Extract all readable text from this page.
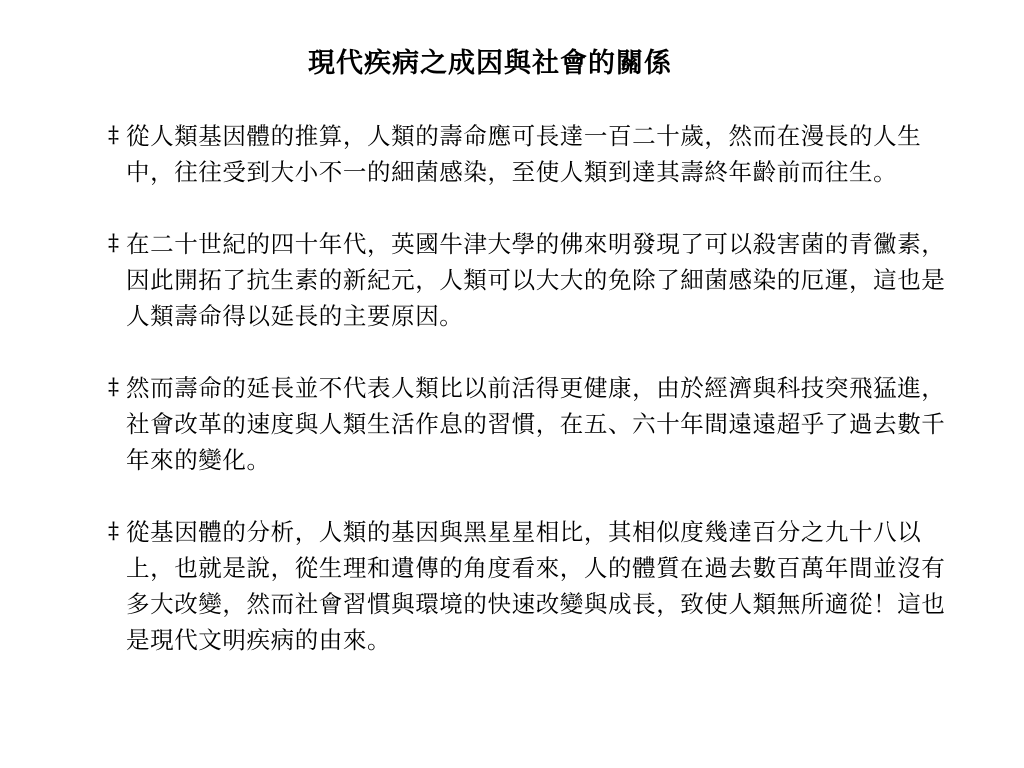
現代疾病之成因與社會的關係
‡ 從人類基因體的推算，人類的壽命應可長達一百二十歲，然而在漫長的人生中，往往受到大小不一的細菌感染，至使人類到達其壽終年齡前而往生。
‡ 在二十世紀的四十年代，英國牛津大學的佛來明發現了可以殺害菌的青黴素，因此開拓了抗生素的新紀元，人類可以大大的免除了細菌感染的厄運，這也是人類壽命得以延長的主要原因。
‡ 然而壽命的延長並不代表人類比以前活得更健康，由於經濟與科技突飛猛進，社會改革的速度與人類生活作息的習慣，在五、六十年間遠遠超乎了過去數千年來的變化。
‡ 從基因體的分析，人類的基因與黑星星相比，其相似度幾達百分之九十八以上，也就是說，從生理和遺傳的角度看來，人的體質在過去數百萬年間並沒有多大改變，然而社會習慣與環境的快速改變與成長，致使人類無所適從！這也是現代文明疾病的由來。
